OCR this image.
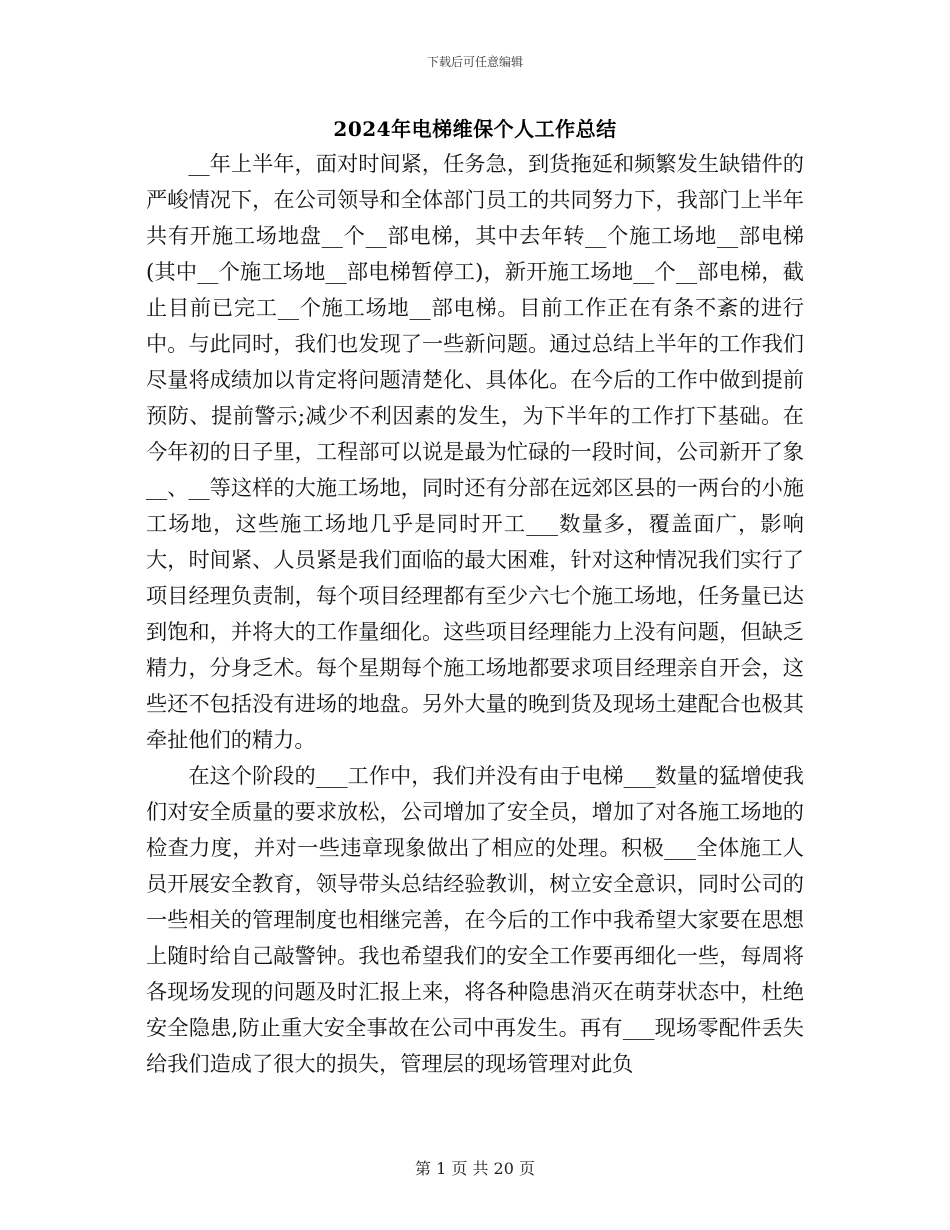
下载后可任意编辑
2024年电梯维保个人工作总结

__年上半年，面对时间紧，任务急，到货拖延和频繁发生缺错件的严峻情况下，在公司领导和全体部门员工的共同努力下，我部门上半年共有开施工场地盘__个__部电梯，其中去年转__个施工场地__部电梯(其中__个施工场地__部电梯暂停工)，新开施工场地__个__部电梯，截止目前已完工__个施工场地__部电梯。目前工作正在有条不紊的进行中。与此同时，我们也发现了一些新问题。通过总结上半年的工作我们尽量将成绩加以肯定将问题清楚化、具体化。在今后的工作中做到提前预防、提前警示;减少不利因素的发生，为下半年的工作打下基础。在今年初的日子里，工程部可以说是最为忙碌的一段时间，公司新开了象__、__等这样的大施工场地，同时还有分部在远郊区县的一两台的小施工场地，这些施工场地几乎是同时开工___数量多，覆盖面广，影响大，时间紧、人员紧是我们面临的最大困难，针对这种情况我们实行了项目经理负责制，每个项目经理都有至少六七个施工场地，任务量已达到饱和，并将大的工作量细化。这些项目经理能力上没有问题，但缺乏精力，分身乏术。每个星期每个施工场地都要求项目经理亲自开会，这些还不包括没有进场的地盘。另外大量的晚到货及现场土建配合也极其牵扯他们的精力。

在这个阶段的___工作中，我们并没有由于电梯___数量的猛增使我们对安全质量的要求放松，公司增加了安全员，增加了对各施工场地的检查力度，并对一些违章现象做出了相应的处理。积极___全体施工人员开展安全教育，领导带头总结经验教训，树立安全意识，同时公司的一些相关的管理制度也相继完善，在今后的工作中我希望大家要在思想上随时给自己敲警钟。我也希望我们的安全工作要再细化一些，每周将各现场发现的问题及时汇报上来，将各种隐患消灭在萌芽状态中，杜绝安全隐患,防止重大安全事故在公司中再发生。再有___现场零配件丢失给我们造成了很大的损失，管理层的现场管理对此负

第 1 页 共 20 页
